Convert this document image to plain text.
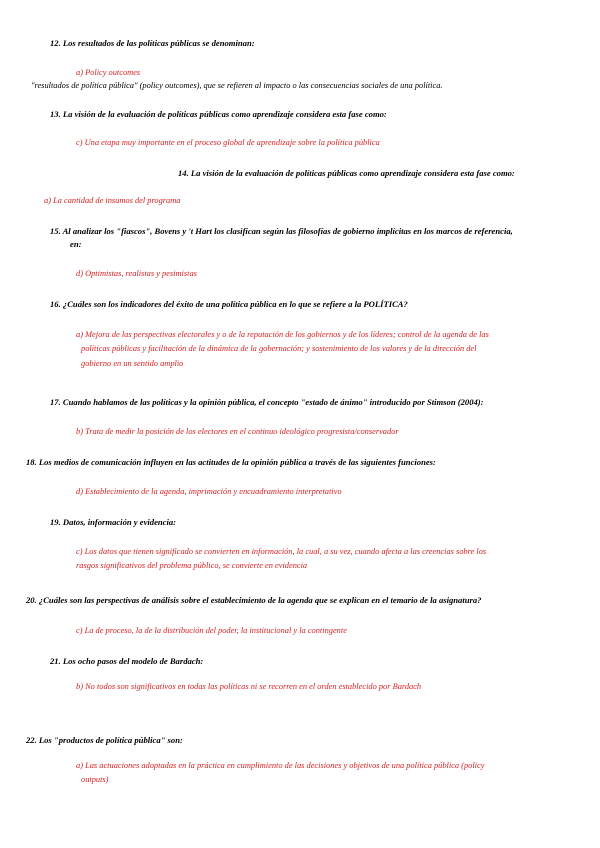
12. Los resultados de las políticas públicas se denominan:

a) Policy outcomes

"resultados de política pública" (policy outcomes), que se refieren al impacto o las consecuencias sociales de una política.

13. La visión de la evaluación de políticas públicas como aprendizaje considera esta fase como:

c) Una etapa muy importante en el proceso global de aprendizaje sobre la política pública

14. La visión de la evaluación de políticas públicas como aprendizaje considera esta fase como:

a) La cantidad de insumos del programa

15. Al analizar los "fiascos", Bovens y 't Hart los clasifican según las filosofías de gobierno implícitas en los marcos de referencia,

en:

d) Optimistas, realistas y pesimistas

16. ¿Cuáles son los indicadores del éxito de una política pública en lo que se refiere a la POLÍTICA?

a) Mejora de las perspectivas electorales y o de la reputación de los gobiernos y de los líderes; control de la agenda de las

políticas públicas y facilitación de la dinámica de la gobernación; y sostenimiento de los valores y de la dirección del

gobierno en un sentido amplio

17. Cuando hablamos de las políticas y la opinión pública, el concepto "estado de ánimo" introducido por Stimson (2004):

b) Trata de medir la posición de los electores en el continuo ideológico progresista/conservador

18. Los medios de comunicación influyen en las actitudes de la opinión pública a través de las siguientes funciones:

d) Establecimiento de la agenda, imprimación y encuadramiento interpretativo

19. Datos, información y evidencia:

c) Los datos que tienen significado se convierten en información, la cual, a su vez, cuando afecta a las creencias sobre los

rasgos significativos del problema público, se convierte en evidencia

20. ¿Cuáles son las perspectivas de análisis sobre el establecimiento de la agenda que se explican en el temario de la asignatura?

c) La de proceso, la de la distribución del poder, la institucional y la contingente

21. Los ocho pasos del modelo de Bardach:

b) No todos son significativos en todas las políticas ni se recorren en el orden establecido por Bardach

22. Los "productos de política pública" son:

a) Las actuaciones adoptadas en la práctica en cumplimiento de las decisiones y objetivos de una política pública (policy

outputs)
